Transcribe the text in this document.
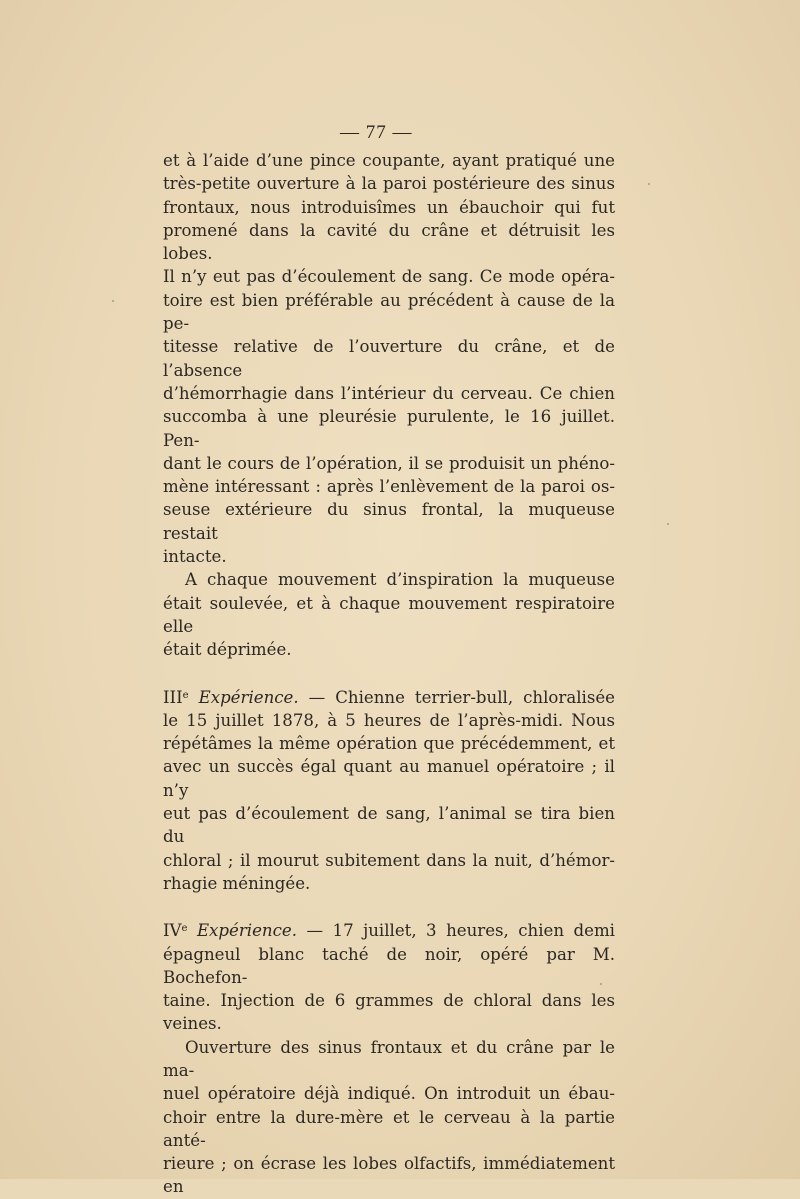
— 77 —

et à l’aide d’une pince coupante, ayant pratiqué une

très-petite ouverture à la paroi postérieure des sinus

frontaux, nous introduisîmes un ébauchoir qui fut

promené dans la cavité du crâne et détruisit les lobes.

Il n’y eut pas d’écoulement de sang. Ce mode opéra-

toire est bien préférable au précédent à cause de la pe-

titesse relative de l’ouverture du crâne, et de l’absence

d’hémorrhagie dans l’intérieur du cerveau. Ce chien

succomba à une pleurésie purulente, le 16 juillet. Pen-

dant le cours de l’opération, il se produisit un phéno-

mène intéressant : après l’enlèvement de la paroi os-

seuse extérieure du sinus frontal, la muqueuse restait

intacte.

A chaque mouvement d’inspiration la muqueuse

était soulevée, et à chaque mouvement respiratoire elle

était déprimée.

IIIe Expérience. — Chienne terrier-bull, chloralisée

le 15 juillet 1878, à 5 heures de l’après-midi. Nous

répétâmes la même opération que précédemment, et

avec un succès égal quant au manuel opératoire ; il n’y

eut pas d’écoulement de sang, l’animal se tira bien du

chloral ; il mourut subitement dans la nuit, d’hémor-

rhagie méningée.

IVe Expérience. — 17 juillet, 3 heures, chien demi

épagneul blanc taché de noir, opéré par M. Bochefon-

taine. Injection de 6 grammes de chloral dans les veines.

Ouverture des sinus frontaux et du crâne par le ma-

nuel opératoire déjà indiqué. On introduit un ébau-

choir entre la dure-mère et le cerveau à la partie anté-

rieure ; on écrase les lobes olfactifs, immédiatement en
